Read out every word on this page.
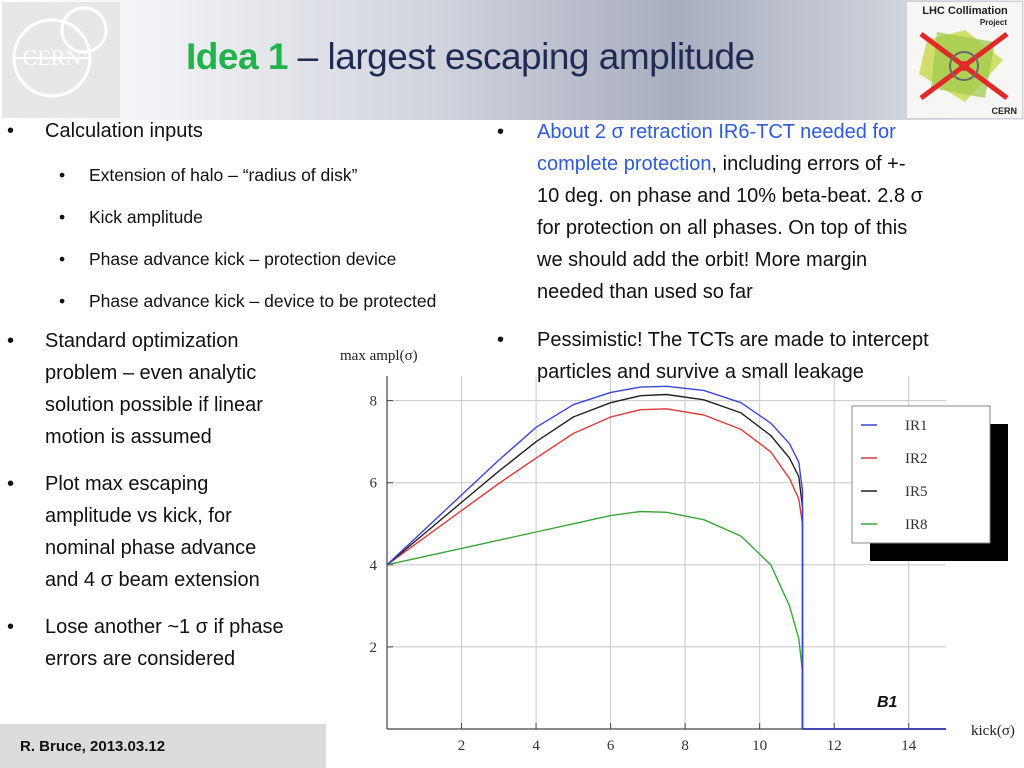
CERN	Idea 1 – largest escaping amplitude
LHC Collimation
Project
CERN
• Calculation inputs
• Extension of halo – “radius of disk”
• Kick amplitude
• Phase advance kick – protection device
• Phase advance kick – device to be protected
• Standard optimization
problem – even analytic
solution possible if linear
motion is assumed
• Plot max escaping
amplitude vs kick, for
nominal phase advance
and 4 σ beam extension
• Lose another ~1 σ if phase
errors are considered
• About 2 σ retraction IR6-TCT needed for
complete protection, including errors of +-
10 deg. on phase and 10% beta-beat. 2.8 σ
for protection on all phases. On top of this
we should add the orbit! More margin
needed than used so far
• Pessimistic! The TCTs are made to intercept
particles and survive a small leakage
2	4	6	8	10	12	14
2
4
6
8
IR1
IR2
IR5
IR8
max ampl(σ)
kick(σ)
B1
R. Bruce, 2013.03.12
